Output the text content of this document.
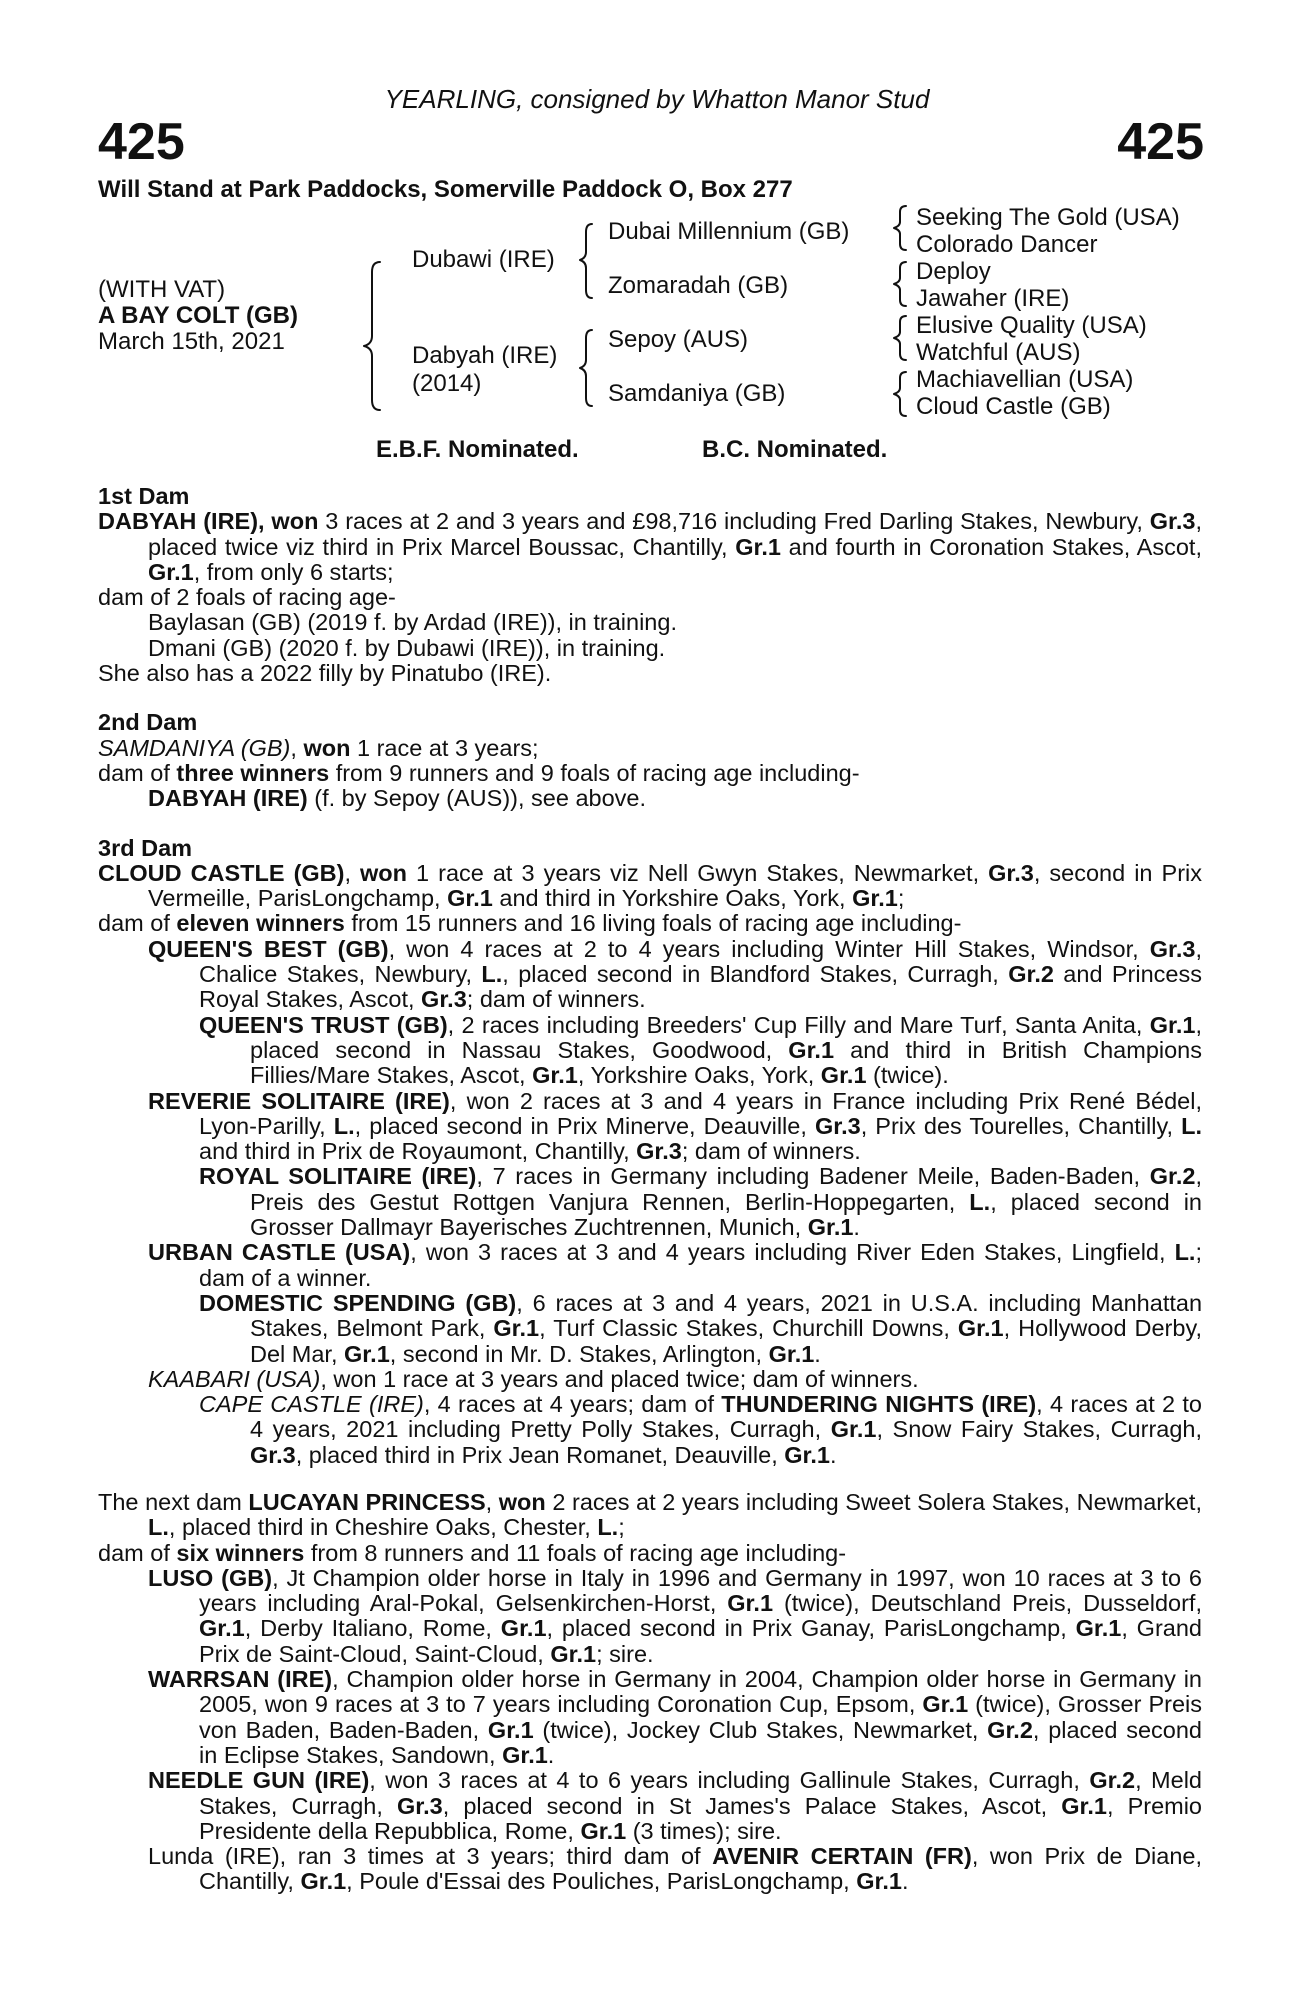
YEARLING, consigned by Whatton Manor Stud
425	425
Will Stand at Park Paddocks, Somerville Paddock O, Box 277
(WITH VAT)
A BAY COLT (GB)
March 15th, 2021
Dubawi (IRE)
Dabyah (IRE)
(2014)
Dubai Millennium (GB)
Zomaradah (GB)
Sepoy (AUS)
Samdaniya (GB)
Seeking The Gold (USA)
Colorado Dancer
Deploy
Jawaher (IRE)
Elusive Quality (USA)
Watchful (AUS)
Machiavellian (USA)
Cloud Castle (GB)
E.B.F. Nominated.	B.C. Nominated.
1st Dam
DABYAH (IRE), won 3 races at 2 and 3 years and £98,716 including Fred Darling Stakes, Newbury, Gr.3, placed twice viz third in Prix Marcel Boussac, Chantilly, Gr.1 and fourth in Coronation Stakes, Ascot, Gr.1, from only 6 starts;
dam of 2 foals of racing age-
Baylasan (GB) (2019 f. by Ardad (IRE)), in training.
Dmani (GB) (2020 f. by Dubawi (IRE)), in training.
She also has a 2022 filly by Pinatubo (IRE).
2nd Dam
SAMDANIYA (GB), won 1 race at 3 years;
dam of three winners from 9 runners and 9 foals of racing age including-
DABYAH (IRE) (f. by Sepoy (AUS)), see above.
3rd Dam
CLOUD CASTLE (GB), won 1 race at 3 years viz Nell Gwyn Stakes, Newmarket, Gr.3, second in Prix Vermeille, ParisLongchamp, Gr.1 and third in Yorkshire Oaks, York, Gr.1;
dam of eleven winners from 15 runners and 16 living foals of racing age including-
QUEEN'S BEST (GB), won 4 races at 2 to 4 years including Winter Hill Stakes, Windsor, Gr.3, Chalice Stakes, Newbury, L., placed second in Blandford Stakes, Curragh, Gr.2 and Princess Royal Stakes, Ascot, Gr.3; dam of winners.
QUEEN'S TRUST (GB), 2 races including Breeders' Cup Filly and Mare Turf, Santa Anita, Gr.1, placed second in Nassau Stakes, Goodwood, Gr.1 and third in British Champions Fillies/Mare Stakes, Ascot, Gr.1, Yorkshire Oaks, York, Gr.1 (twice).
REVERIE SOLITAIRE (IRE), won 2 races at 3 and 4 years in France including Prix René Bédel, Lyon-Parilly, L., placed second in Prix Minerve, Deauville, Gr.3, Prix des Tourelles, Chantilly, L. and third in Prix de Royaumont, Chantilly, Gr.3; dam of winners.
ROYAL SOLITAIRE (IRE), 7 races in Germany including Badener Meile, Baden-Baden, Gr.2, Preis des Gestut Rottgen Vanjura Rennen, Berlin-Hoppegarten, L., placed second in Grosser Dallmayr Bayerisches Zuchtrennen, Munich, Gr.1.
URBAN CASTLE (USA), won 3 races at 3 and 4 years including River Eden Stakes, Lingfield, L.; dam of a winner.
DOMESTIC SPENDING (GB), 6 races at 3 and 4 years, 2021 in U.S.A. including Manhattan Stakes, Belmont Park, Gr.1, Turf Classic Stakes, Churchill Downs, Gr.1, Hollywood Derby, Del Mar, Gr.1, second in Mr. D. Stakes, Arlington, Gr.1.
KAABARI (USA), won 1 race at 3 years and placed twice; dam of winners.
CAPE CASTLE (IRE), 4 races at 4 years; dam of THUNDERING NIGHTS (IRE), 4 races at 2 to 4 years, 2021 including Pretty Polly Stakes, Curragh, Gr.1, Snow Fairy Stakes, Curragh, Gr.3, placed third in Prix Jean Romanet, Deauville, Gr.1.
The next dam LUCAYAN PRINCESS, won 2 races at 2 years including Sweet Solera Stakes, Newmarket, L., placed third in Cheshire Oaks, Chester, L.;
dam of six winners from 8 runners and 11 foals of racing age including-
LUSO (GB), Jt Champion older horse in Italy in 1996 and Germany in 1997, won 10 races at 3 to 6 years including Aral-Pokal, Gelsenkirchen-Horst, Gr.1 (twice), Deutschland Preis, Dusseldorf, Gr.1, Derby Italiano, Rome, Gr.1, placed second in Prix Ganay, ParisLongchamp, Gr.1, Grand Prix de Saint-Cloud, Saint-Cloud, Gr.1; sire.
WARRSAN (IRE), Champion older horse in Germany in 2004, Champion older horse in Germany in 2005, won 9 races at 3 to 7 years including Coronation Cup, Epsom, Gr.1 (twice), Grosser Preis von Baden, Baden-Baden, Gr.1 (twice), Jockey Club Stakes, Newmarket, Gr.2, placed second in Eclipse Stakes, Sandown, Gr.1.
NEEDLE GUN (IRE), won 3 races at 4 to 6 years including Gallinule Stakes, Curragh, Gr.2, Meld Stakes, Curragh, Gr.3, placed second in St James's Palace Stakes, Ascot, Gr.1, Premio Presidente della Repubblica, Rome, Gr.1 (3 times); sire.
Lunda (IRE), ran 3 times at 3 years; third dam of AVENIR CERTAIN (FR), won Prix de Diane, Chantilly, Gr.1, Poule d'Essai des Pouliches, ParisLongchamp, Gr.1.
